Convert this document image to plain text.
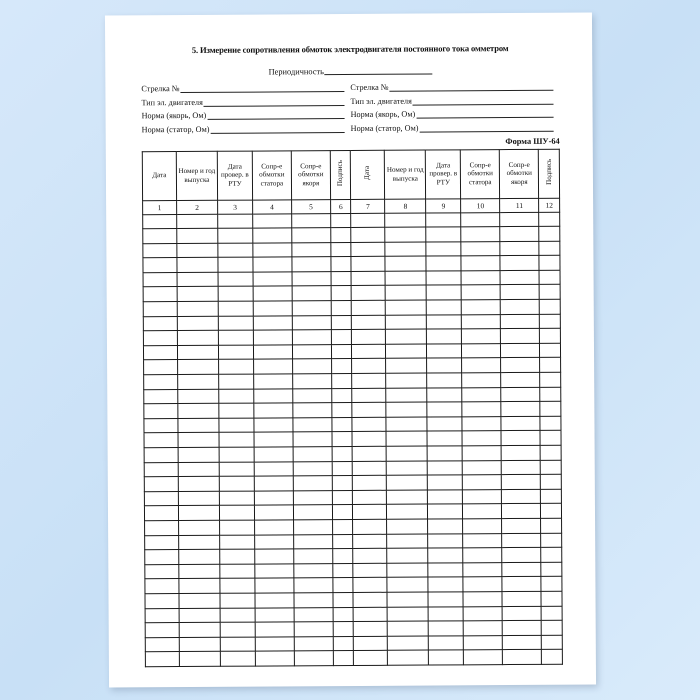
5. Измерение сопротивления обмоток электродвигателя постоянного тока омметром
Периодичность
Стрелка №	Стрелка №
Тип эл. двигателя	Тип эл. двигателя
Норма (якорь, Ом)	Норма (якорь, Ом)
Норма (статор, Ом)	Норма (статор, Ом)
Форма ШУ-64
Дата	Номер и год выпуска	Дата провер. в РТУ	Сопр-е обмотки статора	Сопр-е обмотки якоря	Подпись	Дата	Номер и год выпуска	Дата провер. в РТУ	Сопр-е обмотки статора	Сопр-е обмотки якоря	Подпись
1	2	3	4	5	6	7	8	9	10	11	12
